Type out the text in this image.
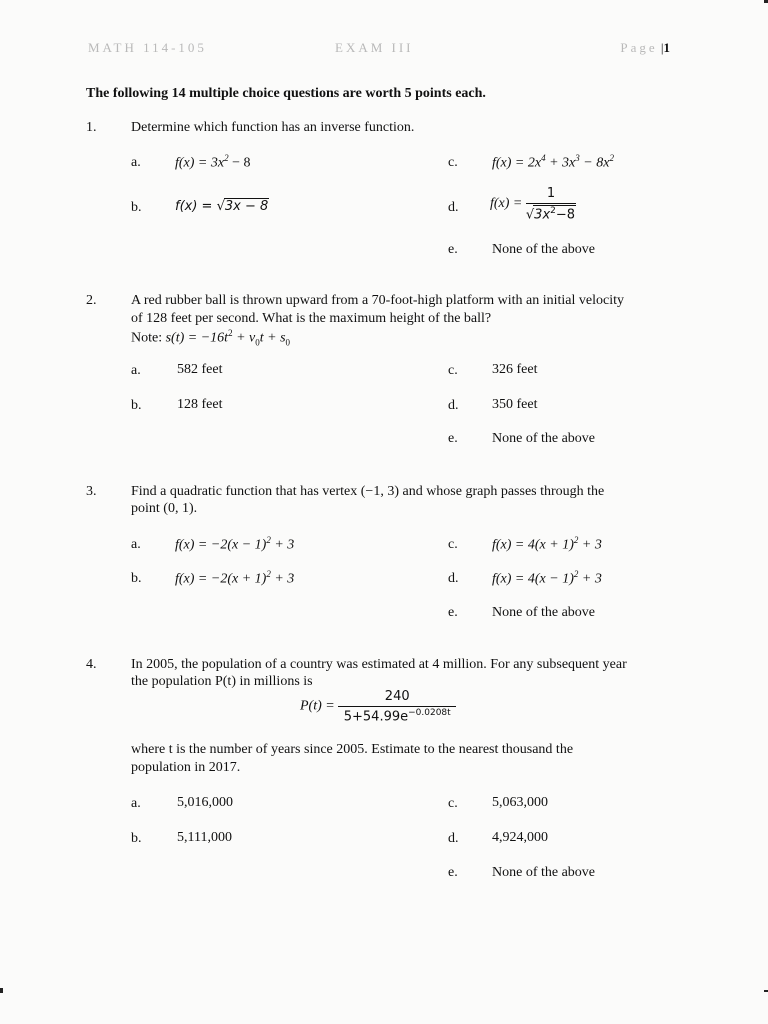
MATH 114-105	EXAM III	Page |1
The following 14 multiple choice questions are worth 5 points each.
1. Determine which function has an inverse function.
a.	$f(x) = 3x^2 - 8$	c.	$f(x) = 2x^4 + 3x^3 - 8x^2$
b.	f(x) = √3x − 8	d.	$f(x) = \frac{1}{√3x^2-8}$
e.	None of the above
2. A red rubber ball is thrown upward from a 70-foot-high platform with an initial velocity
of 128 feet per second. What is the maximum height of the ball?
Note: $s(t) = -16t^2 + v_0t + s_0$
a.	582 feet	c.	326 feet
b.	128 feet	d.	350 feet
e.	None of the above
3. Find a quadratic function that has vertex (−1, 3) and whose graph passes through the
point (0, 1).
a.	$f(x) = -2(x - 1)^2 + 3$	c.	$f(x) = 4(x + 1)^2 + 3$
b.	$f(x) = -2(x + 1)^2 + 3$	d.	$f(x) = 4(x - 1)^2 + 3$
e.	None of the above
4. In 2005, the population of a country was estimated at 4 million. For any subsequent year
the population P(t) in millions is
$P(t) = \frac{240}{5+54.99e^{-0.0208t}}$
where t is the number of years since 2005. Estimate to the nearest thousand the
population in 2017.
a.	5,016,000	c.	5,063,000
b.	5,111,000	d.	4,924,000
e.	None of the above
